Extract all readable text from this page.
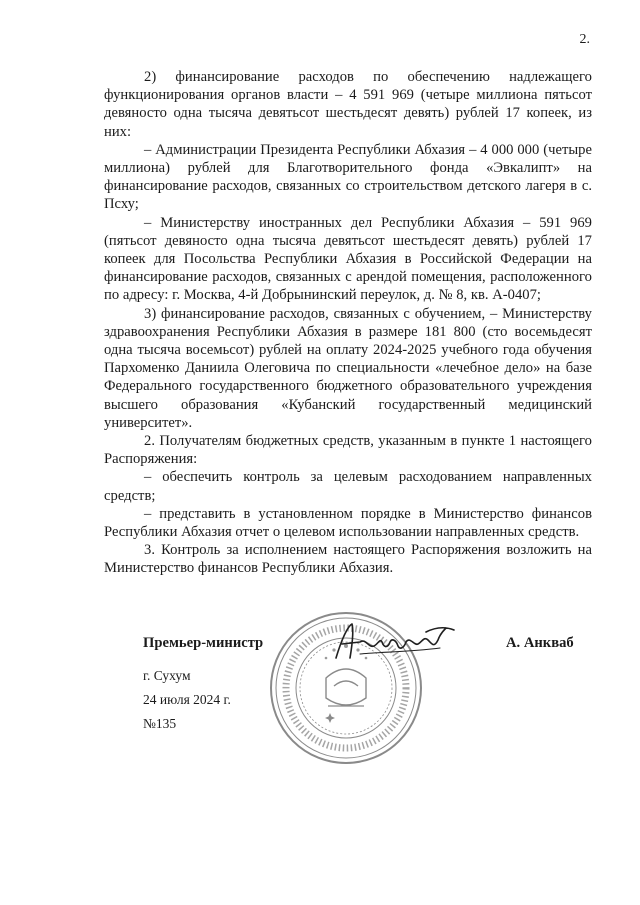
2.

2) финансирование расходов по обеспечению надлежащего функционирования органов власти – 4 591 969 (четыре миллиона пятьсот девяносто одна тысяча девятьсот шестьдесят девять) рублей 17 копеек, из них:

– Администрации Президента Республики Абхазия – 4 000 000 (четыре миллиона) рублей для Благотворительного фонда «Эвкалипт» на финансирование расходов, связанных со строительством детского лагеря в с. Псху;

– Министерству иностранных дел Республики Абхазия – 591 969 (пятьсот девяносто одна тысяча девятьсот шестьдесят девять) рублей 17 копеек для Посольства Республики Абхазия в Российской Федерации на финансирование расходов, связанных с арендой помещения, расположенного по адресу: г. Москва, 4-й Добрынинский переулок, д. № 8, кв. А-0407;

3) финансирование расходов, связанных с обучением, – Министерству здравоохранения Республики Абхазия в размере 181 800 (сто восемьдесят одна тысяча восемьсот) рублей на оплату 2024-2025 учебного года обучения Пархоменко Даниила Олеговича по специальности «лечебное дело» на базе Федерального государственного бюджетного образовательного учреждения высшего образования «Кубанский государственный медицинский университет».

2. Получателям бюджетных средств, указанным в пункте 1 настоящего Распоряжения:

– обеспечить контроль за целевым расходованием направленных средств;

– представить в установленном порядке в Министерство финансов Республики Абхазия отчет о целевом использовании направленных средств.

3. Контроль за исполнением настоящего Распоряжения возложить на Министерство финансов Республики Абхазия.

Премьер-министр	А. Анкваб
г. Сухум
24 июля 2024 г.
№135
